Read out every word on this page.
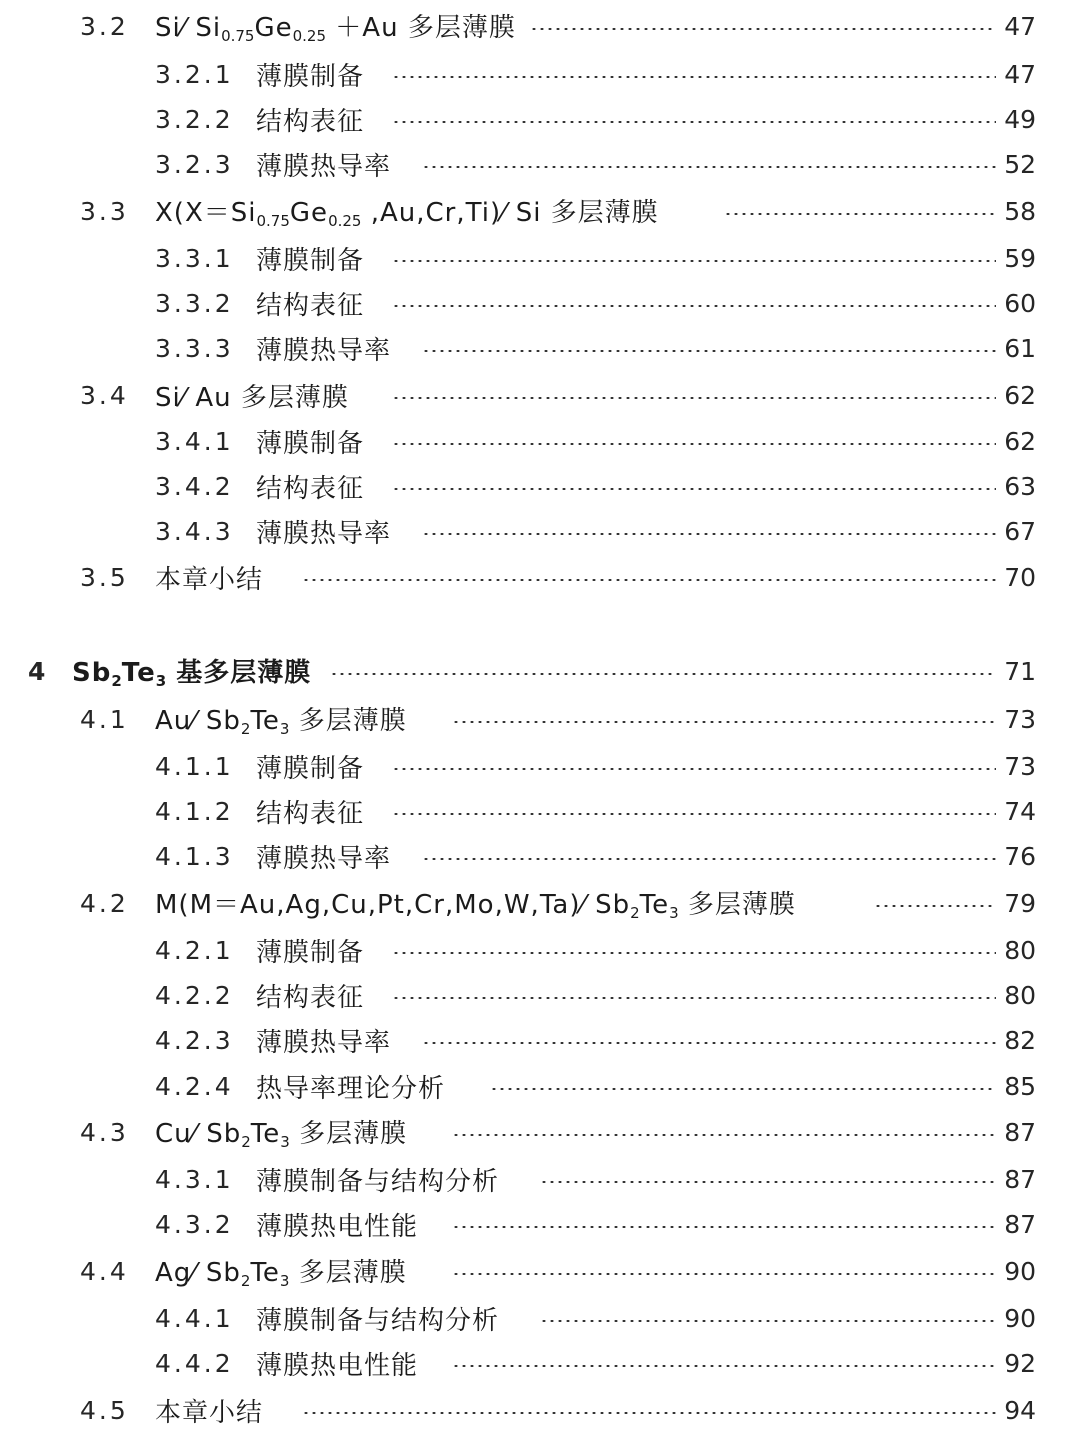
3.2 Si⁄ $Si_{0.75}Ge_{0.25} +Au$ 多层薄膜	47
3.2.1 薄膜制备	47
3.2.2 结构表征	49
3.2.3 薄膜热导率	52
3.3 $X(X=Si_{0.75}Ge_{0.25}$ ,Au,Cr,Ti)⁄ Si 多层薄膜	58
3.3.1 薄膜制备	59
3.3.2 结构表征	60
3.3.3 薄膜热导率	61
3.4 Si⁄ Au 多层薄膜	62
3.4.1 薄膜制备	62
3.4.2 结构表征	63
3.4.3 薄膜热导率	67
3.5 本章小结	70
4 $Sb_2Te_3$ 基多层薄膜	71
4.1 Au⁄ $Sb_2Te_3$ 多层薄膜	73
4.1.1 薄膜制备	73
4.1.2 结构表征	74
4.1.3 薄膜热导率	76
4.2 M(M＝Au,Ag,Cu,Pt,Cr,Mo,W,Ta)⁄ $Sb_2Te_3$ 多层薄膜	79
4.2.1 薄膜制备	80
4.2.2 结构表征	80
4.2.3 薄膜热导率	82
4.2.4 热导率理论分析	85
4.3 Cu⁄ $Sb_2Te_3$ 多层薄膜	87
4.3.1 薄膜制备与结构分析	87
4.3.2 薄膜热电性能	87
4.4 Ag⁄ $Sb_2Te_3$ 多层薄膜	90
4.4.1 薄膜制备与结构分析	90
4.4.2 薄膜热电性能	92
4.5 本章小结	94
